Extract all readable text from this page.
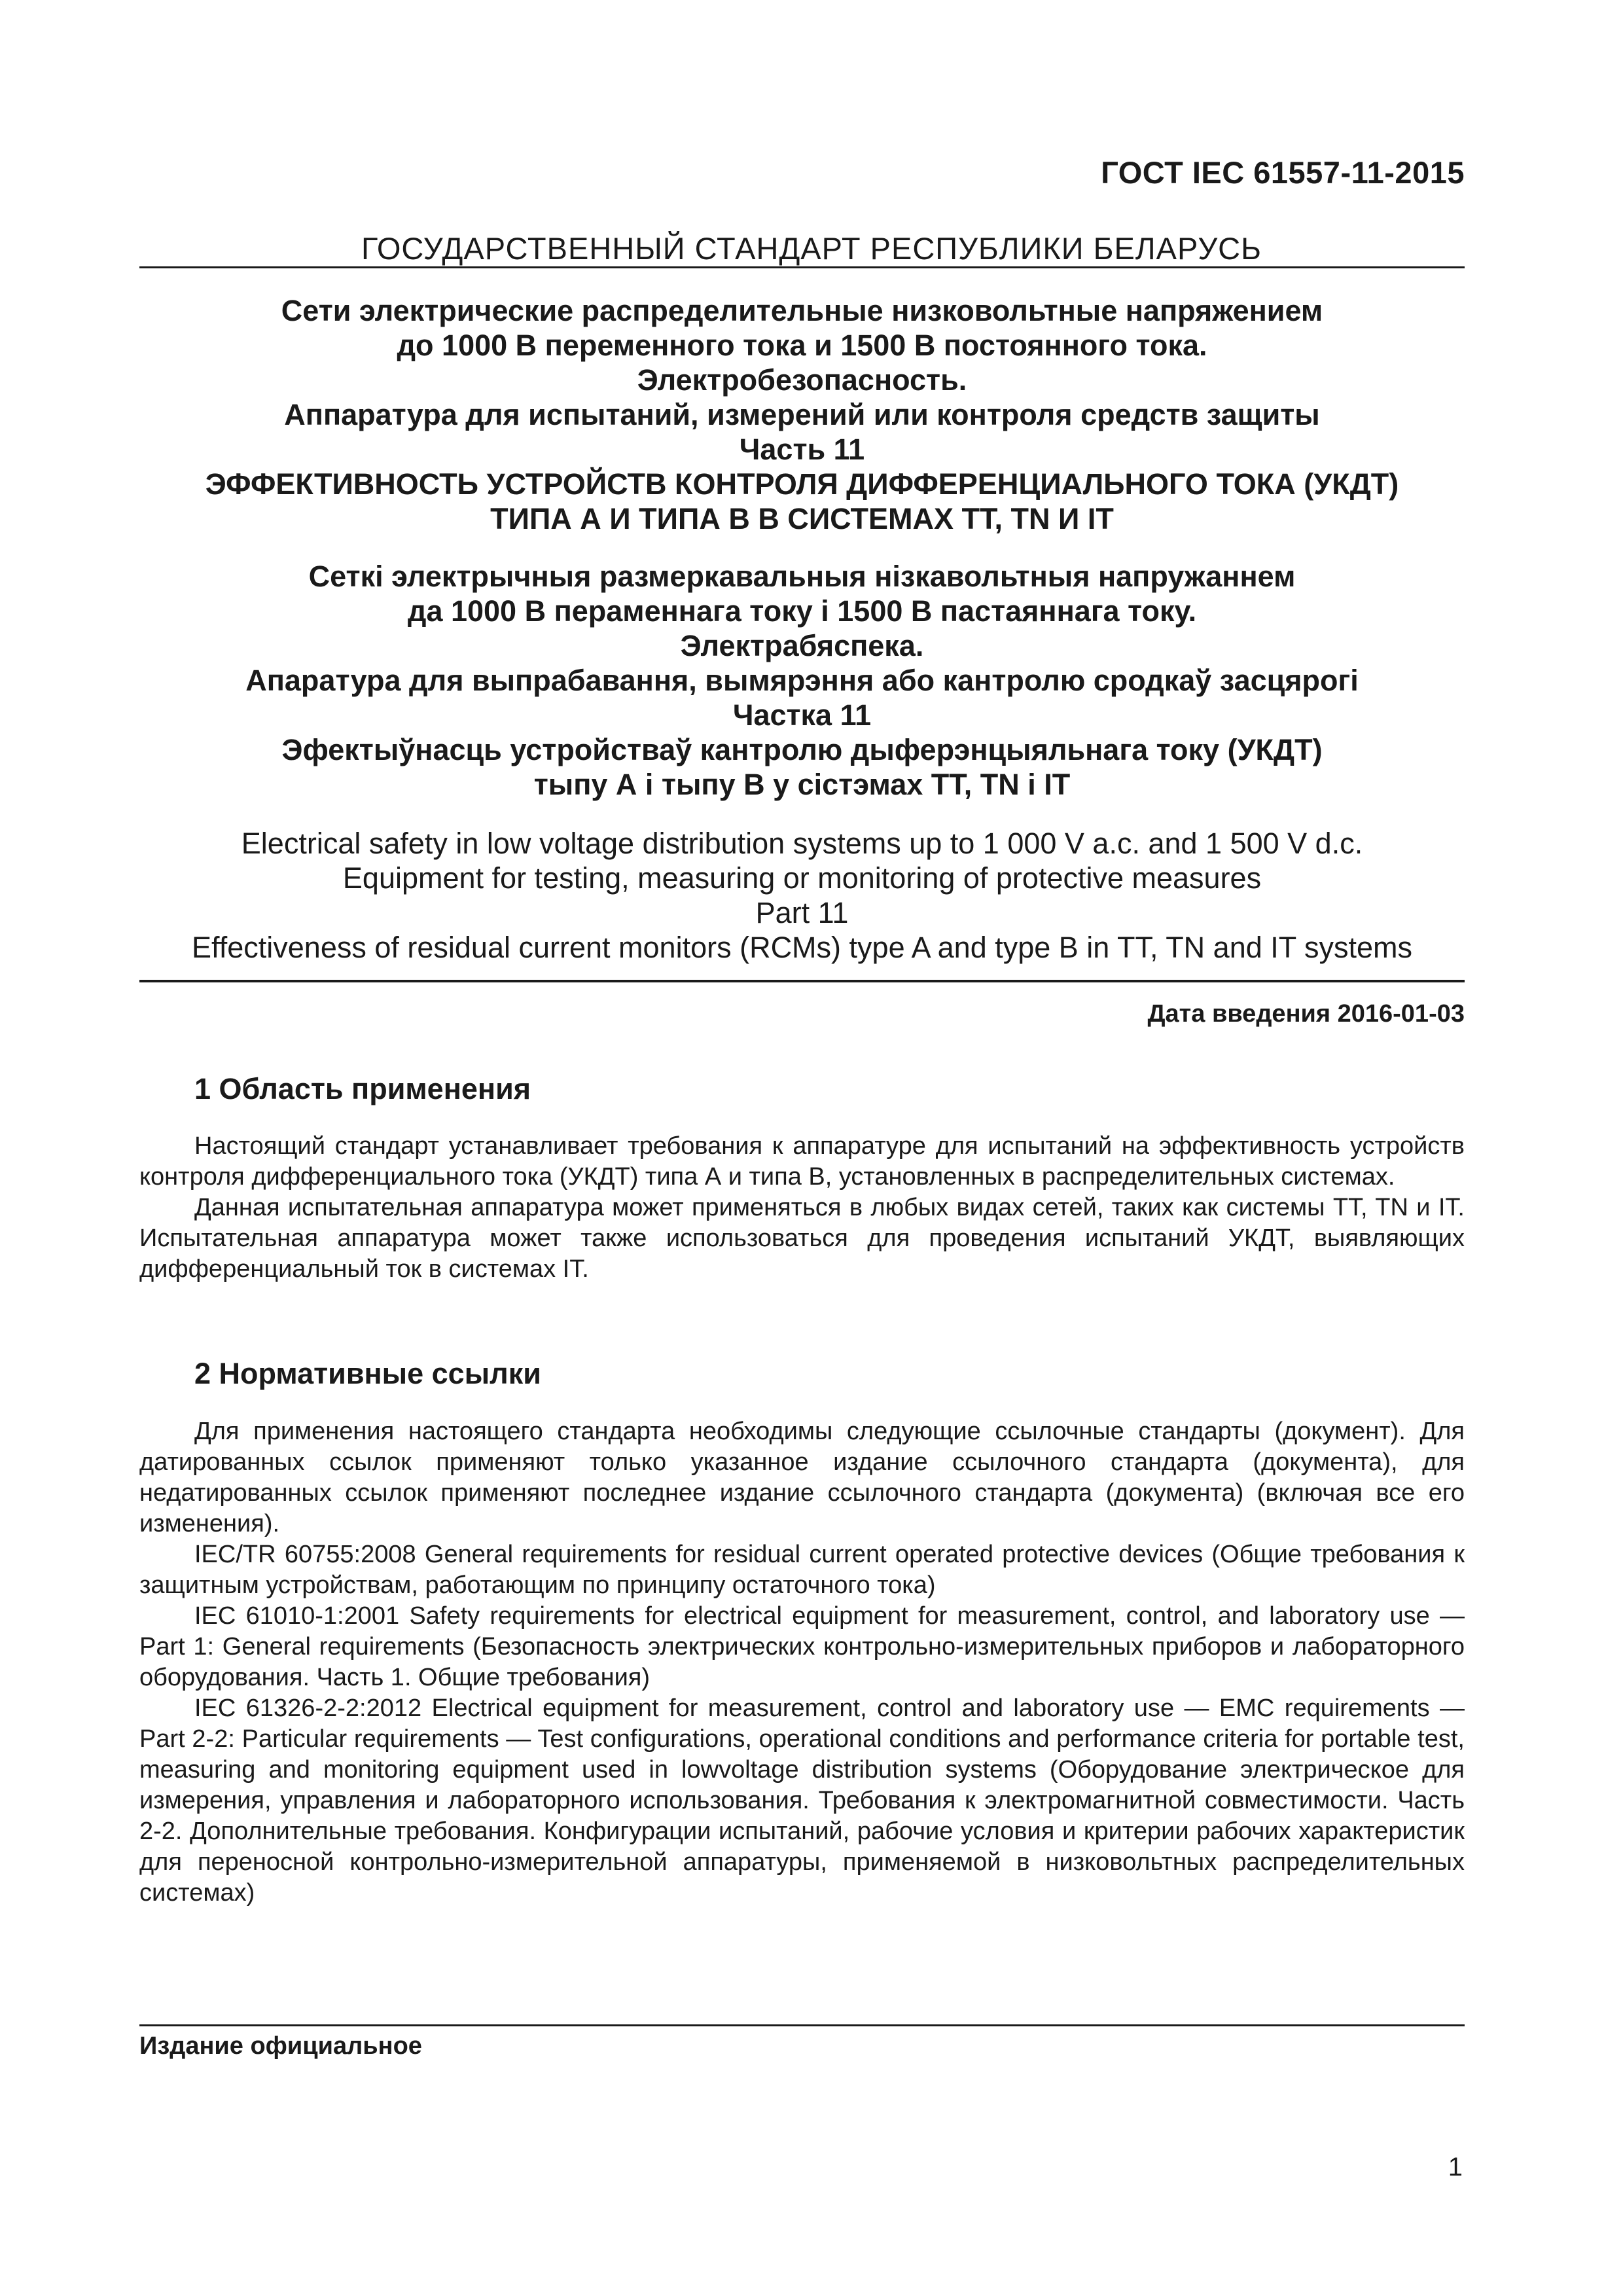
ГОСТ IEC 61557-11-2015
ГОСУДАРСТВЕННЫЙ СТАНДАРТ РЕСПУБЛИКИ БЕЛАРУСЬ
Сети электрические распределительные низковольтные напряжением
до 1000 В переменного тока и 1500 В постоянного тока.
Электробезопасность.
Аппаратура для испытаний, измерений или контроля средств защиты
Часть 11
ЭФФЕКТИВНОСТЬ УСТРОЙСТВ КОНТРОЛЯ ДИФФЕРЕНЦИАЛЬНОГО ТОКА (УКДТ)
ТИПА А И ТИПА В В СИСТЕМАХ TT, TN И IT
Сеткі электрычныя размеркавальныя нізкавольтныя напружаннем
да 1000 В пераменнага току і 1500 В пастаяннага току.
Электрабяспека.
Апаратура для выпрабавання, вымярэння або кантролю сродкаў засцярогі
Частка 11
Эфектыўнасць устройстваў кантролю дыферэнцыяльнага току (УКДТ)
тыпу А і тыпу В у сістэмах TT, TN і IT
Electrical safety in low voltage distribution systems up to 1 000 V a.c. and 1 500 V d.c.
Equipment for testing, measuring or monitoring of protective measures
Part 11
Effectiveness of residual current monitors (RCMs) type A and type B in TT, TN and IT systems
Дата введения 2016-01-03
1 Область применения

Настоящий стандарт устанавливает требования к аппаратуре для испытаний на эффективность устройств контроля дифференциального тока (УКДТ) типа А и типа В, установленных в распределительных системах.

Данная испытательная аппаратура может применяться в любых видах сетей, таких как системы TT, TN и IT. Испытательная аппаратура может также использоваться для проведения испытаний УКДТ, выявляющих дифференциальный ток в системах IT.

2 Нормативные ссылки

Для применения настоящего стандарта необходимы следующие ссылочные стандарты (документ). Для датированных ссылок применяют только указанное издание ссылочного стандарта (документа), для недатированных ссылок применяют последнее издание ссылочного стандарта (документа) (включая все его изменения).

IEC/TR 60755:2008 General requirements for residual current operated protective devices (Общие требования к защитным устройствам, работающим по принципу остаточного тока)

IEC 61010-1:2001 Safety requirements for electrical equipment for measurement, control, and laboratory use — Part 1: General requirements (Безопасность электрических контрольно-измерительных приборов и лабораторного оборудования. Часть 1. Общие требования)

IEC 61326-2-2:2012 Electrical equipment for measurement, control and laboratory use — EMC requirements — Part 2-2: Particular requirements — Test configurations, operational conditions and performance criteria for portable test, measuring and monitoring equipment used in lowvoltage distribution systems (Оборудование электрическое для измерения, управления и лабораторного использования. Требования к электромагнитной совместимости. Часть 2-2. Дополнительные требования. Конфигурации испытаний, рабочие условия и критерии рабочих характеристик для переносной контрольно-измерительной аппаратуры, применяемой в низковольтных распределительных системах)

Издание официальное
1
